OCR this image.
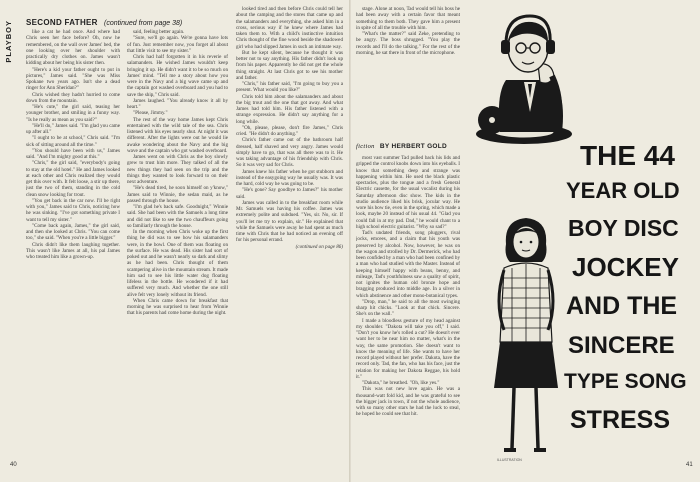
PLAYBOY SECOND FATHER (continued from page 38)

like a cat he had once. And where had Chris seen her face before? Oh, now he remembered, on the wall over James' bed, the one looking over her shoulder with practically dry clothes on. James wasn't kidding about her being his sister then.

"Here's a kid your father ought to put in pictures," James said. "She was Miss Spokane two years ago. Isn't she a dead ringer for Ann Sheridan?"

Chris wished they hadn't hurried to come down from the mountain.

"He's cute," the girl said, teasing her younger brother, and smiling in a funny way. "Is he really as mean as you said?"

"He'll do," James said. "I'm glad you came up after all."

"I ought to be at school," Chris said. "I'm sick of sitting around all the time."

"You should have been with us," James said. "And I'm mighty good at this."

"Chris," the girl said, "everybody's going to stay at the old hotel." He and James looked at each other and Chris realized they would get this over with. It felt loose, a stir up there, just the two of them, standing in the cold clean snow looking for trout.

"You get back in the car now. I'll be right with you," James said to Chris, noticing how he was sinking. "I've got something private I want to tell my sister."

"Come back again, James," the girl said, and then she looked at Chris. "You can come too," she said. "When you're a little bigger."

Chris didn't like them laughing together. This wasn't like James at all, his pal James who treated him like a grown-up.

said, feeling better again.

"Sure, we'll go again. We're gonna have lots of fun. Just remember now, you forget all about that little visit to see my sister."

Chris had half forgotten it in his reverie of salamanders. He wished James wouldn't keep bringing it up. He didn't want it to be so much on James' mind. "Tell me a story about how you were in the Navy and a big wave came up and the captain got washed overboard and you had to save the ship," Chris said.

James laughed. "You already know it all by heart."

"Please, Jimmy."

The rest of the way home James kept Chris entertained with the wild tale of the sea. Chris listened with his eyes nearly shut. At night it was different. After the lights were out he would lie awake wondering about the Navy and the big wave and the captain who got washed overboard.

James went on with Chris as the boy slowly grew to trust him more. They talked of all the new things they had seen on the trip and the things they wanted to look forward to on their next adventure.

"He's dead tired, he soon himself on y'know," James said to Winnie, the sedan maid, as he passed through the house.

"I'm glad he's back safe. Goodnight," Winnie said. She had been with the Samuels a long time and did not like to see the two chauffeurs going so familiarly through the house.

In the morning when Chris woke up the first thing he did was to see how his salamanders were, in the bowl. One of them was floating on the surface. He was dead. His sister had sort of poked out and he wasn't nearly so dark and slimy as he had been. Chris thought of them scampering alive in the mountain stream. It made him sad to see his little water dog floating lifeless in the bottle. He wondered if it had suffered very much. And whether the one still alive felt very lonely without its friend.

When Chris came down for breakfast that morning he was surprised to hear from Winnie that his parents had come home during the night.

looked tired and then before Chris could tell her about the camping and the stores that came up and the salamanders and everything, she asked him in a cross, serious way if he knew where James had taken them to. With a child's instinctive intuition Chris thought of the fine wood beside the shadowed girl who had slipped James in such an intimate way.

But he kept silent, because he thought it was better not to say anything. His father didn't look up from his paper. Apparently he did not get the whole thing straight. At last Chris got to see his mother and father.

"Chris," his father said, "I'm going to buy you a present. What would you like?"

Chris told him about the salamanders and about the big trout and the one that got away. And what James had told him. His father listened with a strange expression. He didn't say anything for a long while.

"Oh, please, please, don't fire James," Chris cried. "He didn't do anything."

Chris's father came out of the bathroom half dressed, half shaved and very angry. James would simply have to go, that was all there was to it. He was taking advantage of his friendship with Chris. So it was very sad for Chris.

James knew his father when he got stubborn and instead of the easygoing way he usually was. It was the hard, cold way he was going to be.

"He's gone? Say goodbye to James?" his mother said.

James was called in to the breakfast room while Mr. Samuels was having his coffee. James was extremely polite and subdued. "Yes, sir. No, sir. If you'll let me try to explain, sir." He explained that while the Samuels were away he had spent as much time with Chris that he had noticed an evening off for his personal errand.

(continued on page 86)

40

stage. Alone at noon, Tad would tell his boss he had been away with a certain favor that meant something to them both. They gave him a present in spite of all the trouble with him.

"What's the matter?" said Zeke, pretending to be angry. The boss shrugged. "You play the records and I'll do the talking." For the rest of the morning, he sat there in front of the microphone.

fiction BY HERBERT GOLD

most vast summer Tad pulled back his lids and gripped the control knobs down into his eyeballs. I know that something deep and strange was happening within him. He used the black plastic spectacles, plus the tongue and a fresh General Electric cassette, for the usual vocalist during his Saturday afternoon disc show. The kids in the studio audience liked his brisk, jocular way. He wore his bow tie, even in the spring, which made a look, maybe 20 instead of his usual 44. "Glad you could fall in at my pad. Dad," he would chant to a high school electric guitarist. "Why so sad?"

Tad's undated friends, song pluggers, rival jocks, emcees, and a claim that his youth was preserved by alcohol. Now, however, he was on the wagon and strolled by Dr. Dermerick, who had been confided by a man who had been confined by a man who had studied with the Master. Instead of keeping himself happy with beans, benny, and mileage, Tad's youthfulness saw a quality of spirit, not ignites the human old bronze hope and bragging produced into middle age. In a silver in which abstinence and other mono-botanical types.

"Drop, man," he said to all the most swinging sharp hit chicks. "Look at that chick. Sincere. She's on the wall."

I made a bloodless gesture of my head against my shoulder. "Dakota will take you off," I said. "Don't you know he's rolled a cut? He doesn't ever want her to be near him no matter, what's in the way, the same promotion. She doesn't want to know the meaning of life. She wants to have her record played without her prefer. Dakota, have the record only. Tad, the fan, who has his face, just the relation for making her Dakota Reggae, his hold it."

"Dakota," he breathed. "Oh, like yes."

This was not new love again. He was a thousand-watt fold kid, and he was grateful to see the bigger jack in town, if not the whole audience, with so many other stars he had the luck to steal, he hoped he could see that hit.

THE 44
YEAR OLD
BOY DISC
JOCKEY
AND THE
SINCERE
TYPE SONG
STRESS
ILLUSTRATION
41
